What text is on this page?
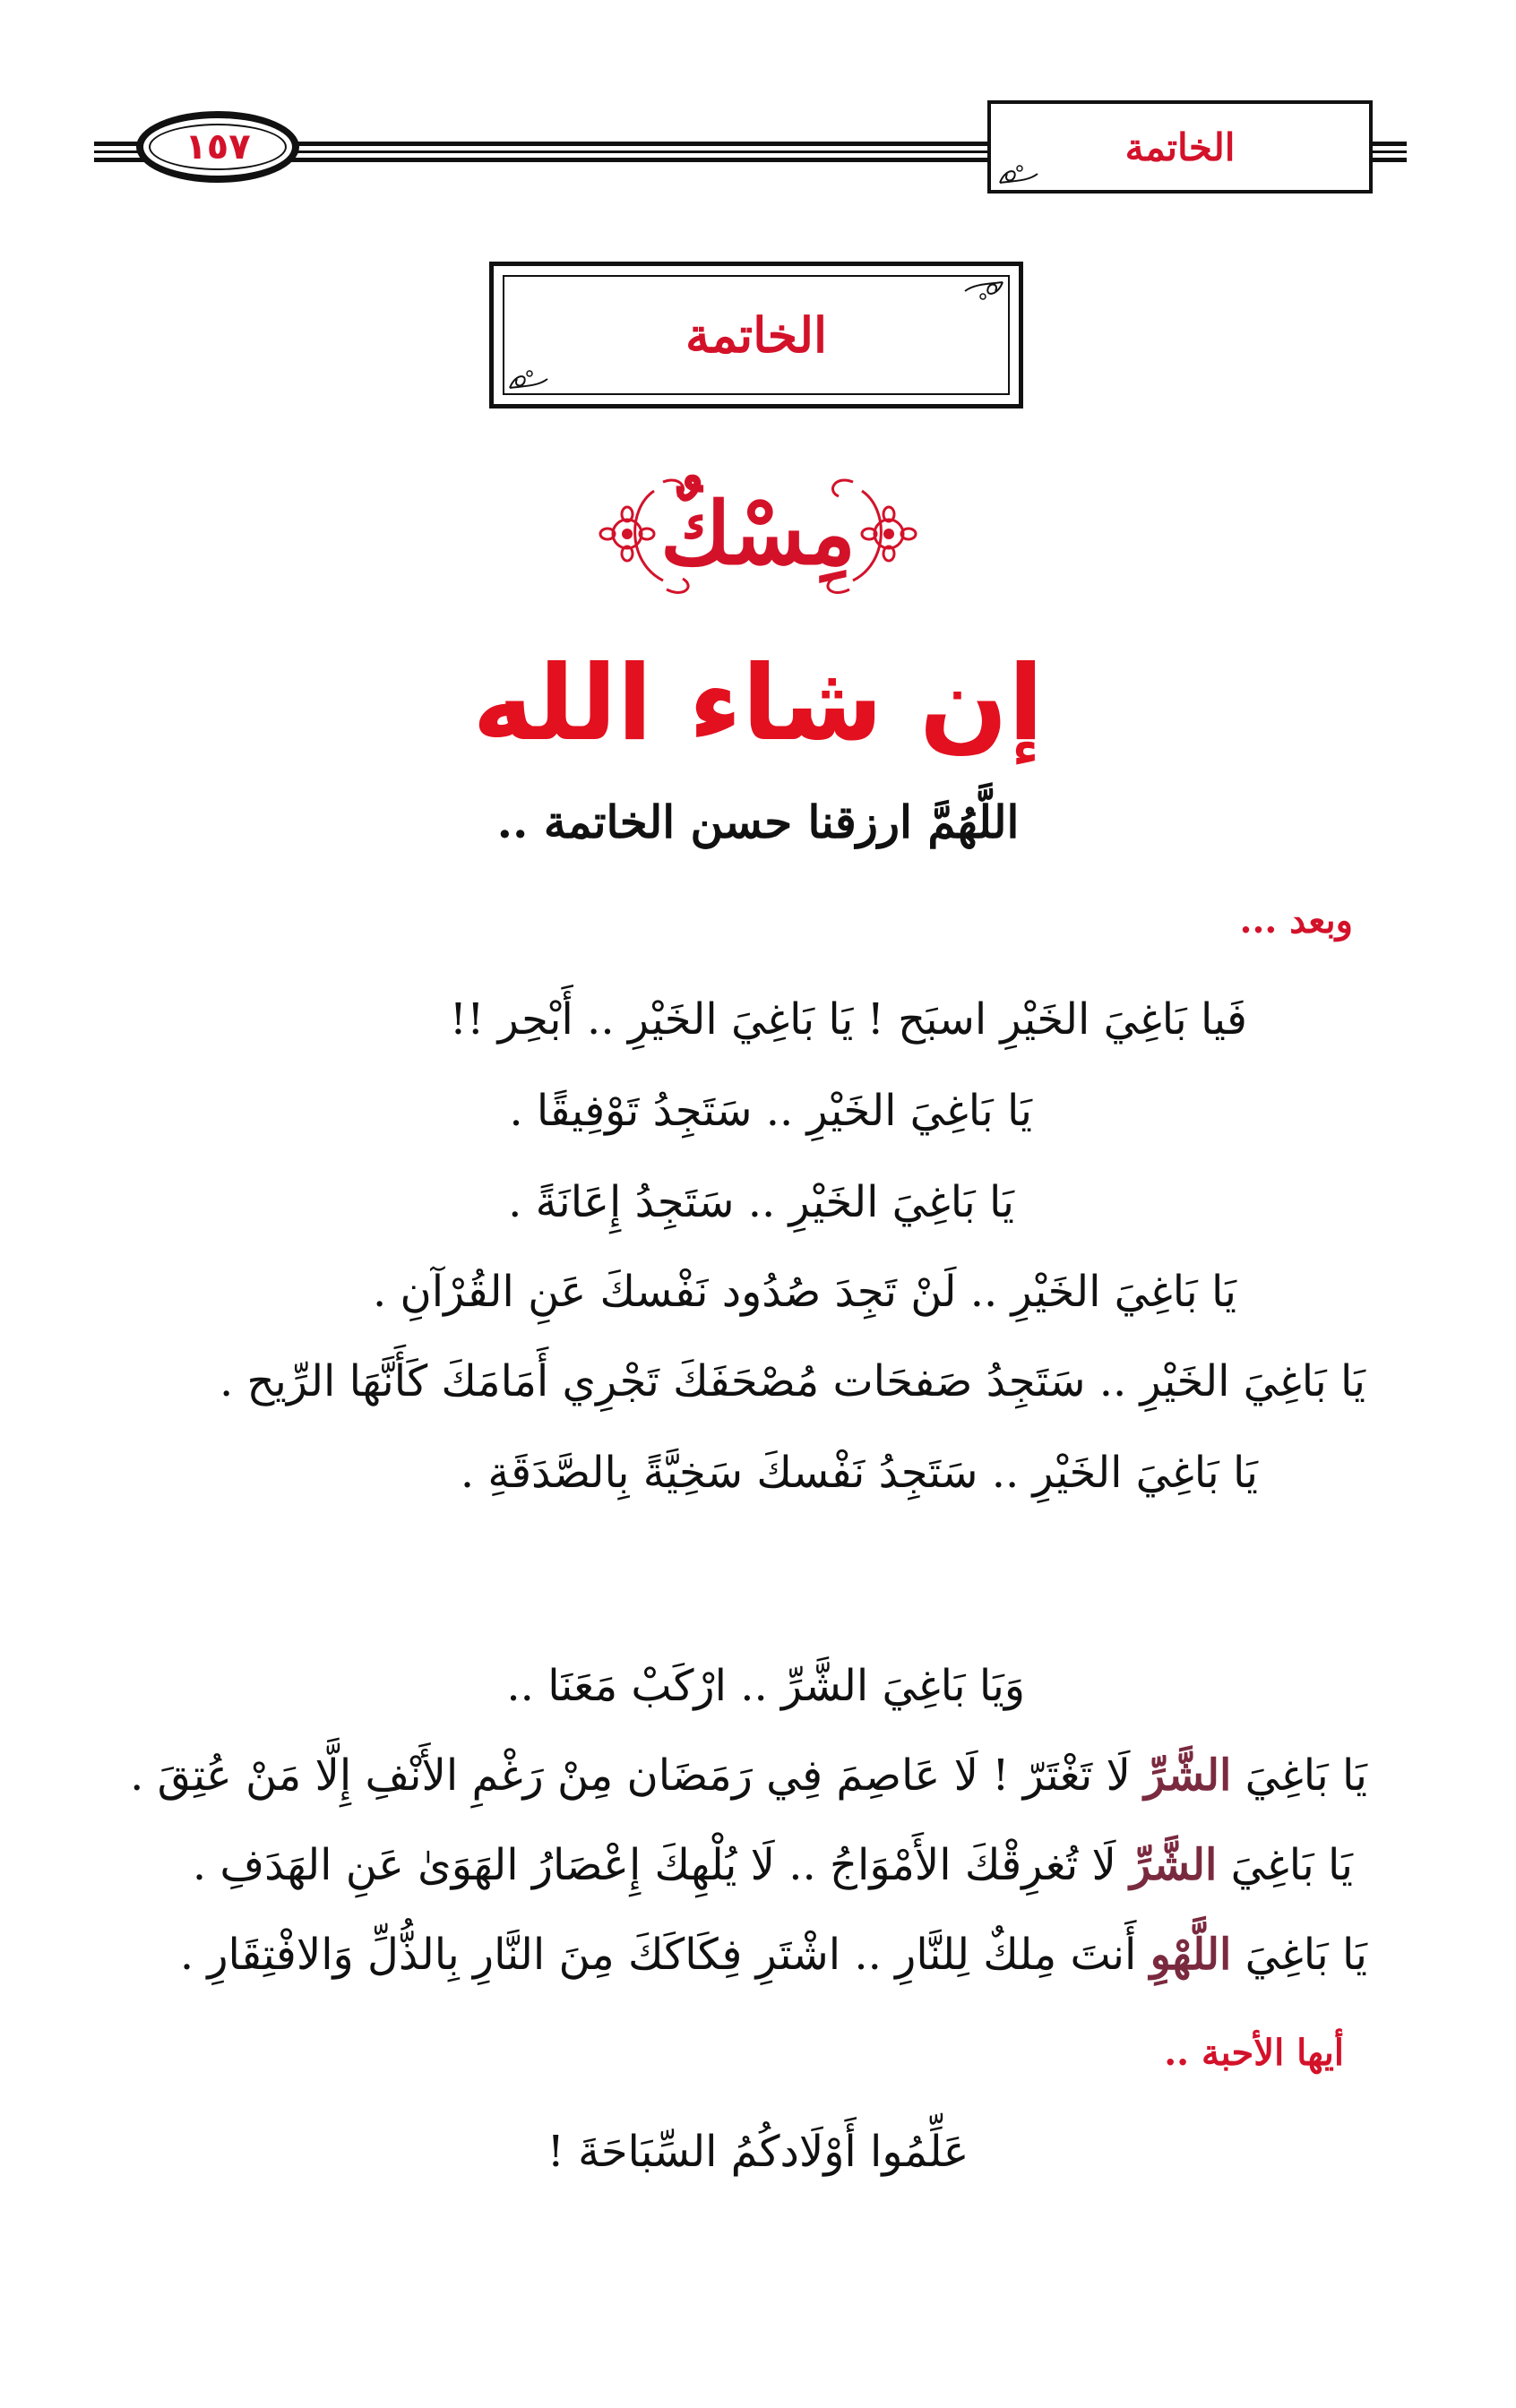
١٥٧	الخاتمة
الخاتمة
مِسْكٌ
إن شاء الله
اللَّهُمَّ ارزقنا حسن الخاتمة ..
وبعد ...
فَيا بَاغِيَ الخَيْرِ اسبَح ! يَا بَاغِيَ الخَيْرِ .. أَبْحِر !!
يَا بَاغِيَ الخَيْرِ .. سَتَجِدُ تَوْفِيقًا .
يَا بَاغِيَ الخَيْرِ .. سَتَجِدُ إِعَانَةً .
يَا بَاغِيَ الخَيْرِ .. لَنْ تَجِدَ صُدُود نَفْسكَ عَنِ القُرْآنِ .
يَا بَاغِيَ الخَيْرِ .. سَتَجِدُ صَفحَات مُصْحَفَكَ تَجْرِي أَمَامَكَ كَأَنَّهَا الرِّيح .
يَا بَاغِيَ الخَيْرِ .. سَتَجِدُ نَفْسكَ سَخِيَّةً بِالصَّدَقَةِ .
وَيَا بَاغِيَ الشَّرِّ .. ارْكَبْ مَعَنَا ..
يَا بَاغِيَ الشَّرِّ لَا تَغْتَرّ ! لَا عَاصِمَ فِي رَمَضَان مِنْ رَغْمِ الأَنْفِ إِلَّا مَنْ عُتِقَ .
يَا بَاغِيَ الشَّرِّ لَا تُغرِقْكَ الأَمْوَاجُ .. لَا يُلْهِكَ إِعْصَارُ الهَوَىٰ عَنِ الهَدَفِ .
يَا بَاغِيَ اللَّهْوِ أَنتَ مِلكٌ لِلنَّارِ .. اشْتَرِ فِكَاكَكَ مِنَ النَّارِ بِالذُّلِّ وَالافْتِقَارِ .
أيها الأحبة ..
عَلِّمُوا أَوْلَادكُمُ السِّبَاحَةَ !
